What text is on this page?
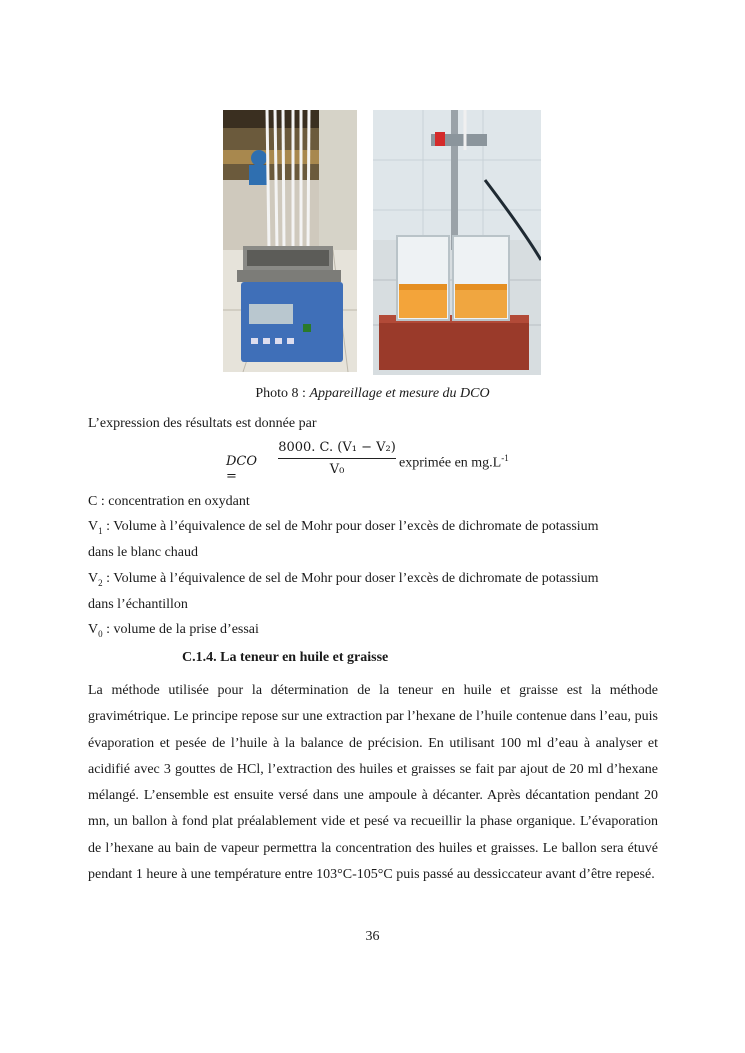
Photo 8 : Appareillage et mesure du DCO
L’expression des résultats est donnée par
DCO =	$\frac{\text{8000. C. (V₁ − V₂)}}{\text{V₀}}$ exprimée en $mg.L^{-1}$
C : concentration en oxydant
$V_1$ : Volume à l’équivalence de sel de Mohr pour doser l’excès de dichromate de potassium
dans le blanc chaud
$V_2$ : Volume à l’équivalence de sel de Mohr pour doser l’excès de dichromate de potassium
dans l’échantillon
$V_0$ : volume de la prise d’essai
C.1.4. La teneur en huile et graisse
La méthode utilisée pour la détermination de la teneur en huile et graisse est la méthode gravimétrique. Le principe repose sur une extraction par l’hexane de l’huile contenue dans l’eau, puis évaporation et pesée de l’huile à la balance de précision. En utilisant 100 ml d’eau à analyser et acidifié avec 3 gouttes de HCl, l’extraction des huiles et graisses se fait par ajout de 20 ml d’hexane mélangé. L’ensemble est ensuite versé dans une ampoule à décanter. Après décantation pendant 20 mn, un ballon à fond plat préalablement vide et pesé va recueillir la phase organique. L’évaporation de l’hexane au bain de vapeur permettra la concentration des huiles et graisses. Le ballon sera étuvé pendant 1 heure à une température entre 103°C-105°C puis passé au dessiccateur avant d’être repesé.
36
